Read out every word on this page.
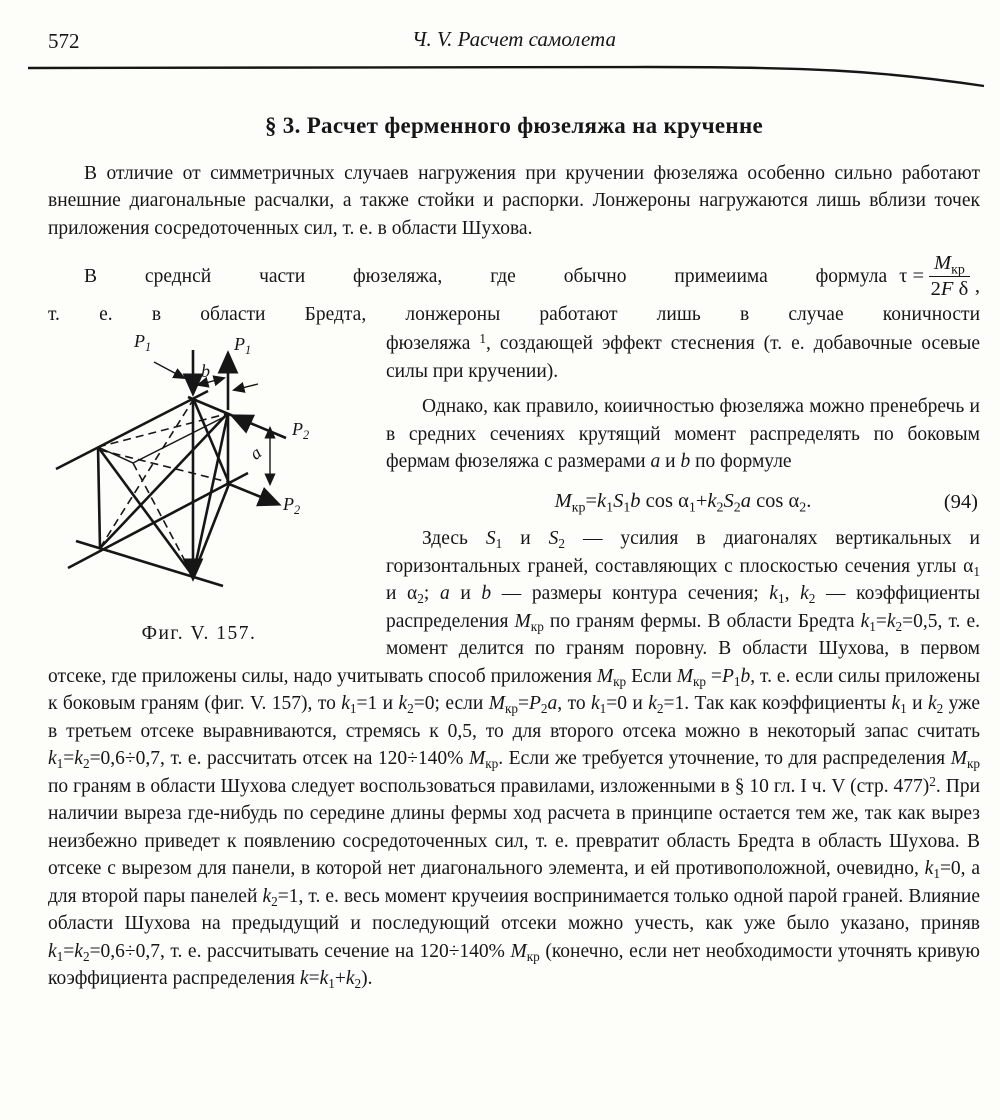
572	Ч. V. Расчет самолета
§ 3. Расчет ферменного фюзеляжа на крученне

В отличие от симметричных случаев нагружения при кручении фюзеляжа особенно сильно работают внешние диагональные расчалки, а также стойки и распорки. Лонжероны нагружаются лишь вблизи точек приложения сосредоточенных сил, т. е. в области Шухова.

В среднсй части фюзеляжа, где обычно примеиима формула $\tau = \frac{M_{кр}}{\text{2F δ}}$ ,
т. е. в области Бредта, лонжероны работают лишь в случае коничности
$P_1$	$P_1$
b
$P_2$
a
$P_2$
Фиг. V. 157.

фюзеляжа $^1$, создающей эффект стеснения (т. е. добавочные осевые силы при кручении).

Однако, как правило, коиичностью фюзеляжа можно пренебречь и в средних сечениях крутящий момент распределять по боковым фермам фюзеляжа с размерами a и b по формуле

$M_{кр}=k_1S_1b$ $\cos \alpha_1+k_2S_2a$ $\cos \alpha_2$.	(94)

Здесь $S_1$ и $S_2$ — усилия в диагоналях вертикальных и горизонтальных граней, составляющих с плоскостью сечения углы $\alpha_1$ и $\alpha_2$; a и b — размеры контура сечения; $k_1$, $k_2$ — коэффициенты распределения $M_{кр}$ по граням фермы. В области Бредта $k_1=k_2=0,5$, т. е. момент делится по граням поровну. В области Шухова, в первом отсеке, где приложены силы, надо учитывать способ приложения $M_{кр}$ Если $M_{кр} =P_1b$, т. е. если силы приложены к боковым граням (фиг. V. 157), то $k_1=1$ и $k_2=0$; если $M_{кр}=P_2a$, то $k_1=0$ и $k_2=1$. Так как коэффициенты $k_1$ и $k_2$ уже в третьем отсеке выравниваются, стремясь к 0,5, то для второго отсека можно в некоторый запас считать $k_1=k_2=0,6\div 0,7$, т. е. рассчитать отсек на 120÷140% $M_{кр}$. Если же требуется уточнение, то для распределения $M_{кр}$ по граням в области Шухова следует воспользоваться правилами, изложенными в § 10 гл. I ч. V (стр. 477)$^2$. При наличии выреза где-нибудь по середине длины фермы ход расчета в принципе остается тем же, так как вырез неизбежно приведет к появлению сосредоточенных сил, т. е. превратит область Бредта в область Шухова. В отсеке с вырезом для панели, в которой нет диагонального элемента, и ей противоположной, очевидно, $k_1=0$, а для второй пары панелей $k_2=1$, т. е. весь момент кручеиия воспринимается только одной парой граней. Влияние области Шухова на предыдущий и последующий отсеки можно учесть, как уже было указано, приняв $k_1=k_2=0,6\div 0,7$, т. е. рассчитывать сечение на 120÷140% $M_{кр}$ (конечно, если нет необходимости уточнять кривую коэффициента распределения $k=k_1+k_2$).
